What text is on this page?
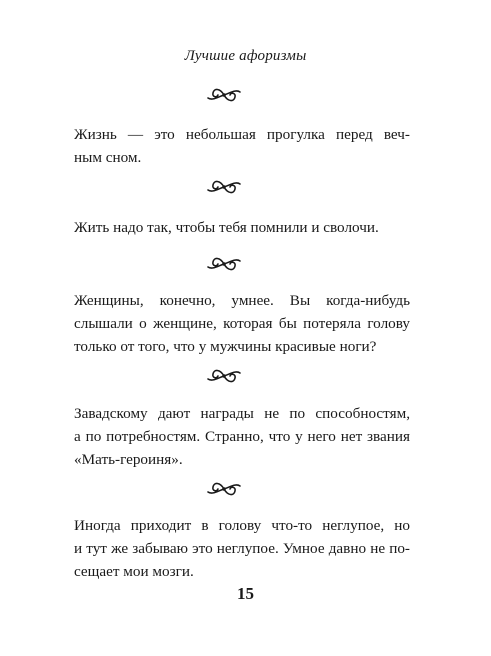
Лучшие афоризмы

Жизнь — это небольшая прогулка перед веч-

ным сном.

Жить надо так, чтобы тебя помнили и сволочи.

Женщины, конечно, умнее. Вы когда-нибудь

слышали о женщине, которая бы потеряла голову

только от того, что у мужчины красивые ноги?

Завадскому дают награды не по способностям,

а по потребностям. Странно, что у него нет звания

«Мать-героиня».

Иногда приходит в голову что-то неглупое, но

и тут же забываю это неглупое. Умное давно не по-

сещает мои мозги.

15
